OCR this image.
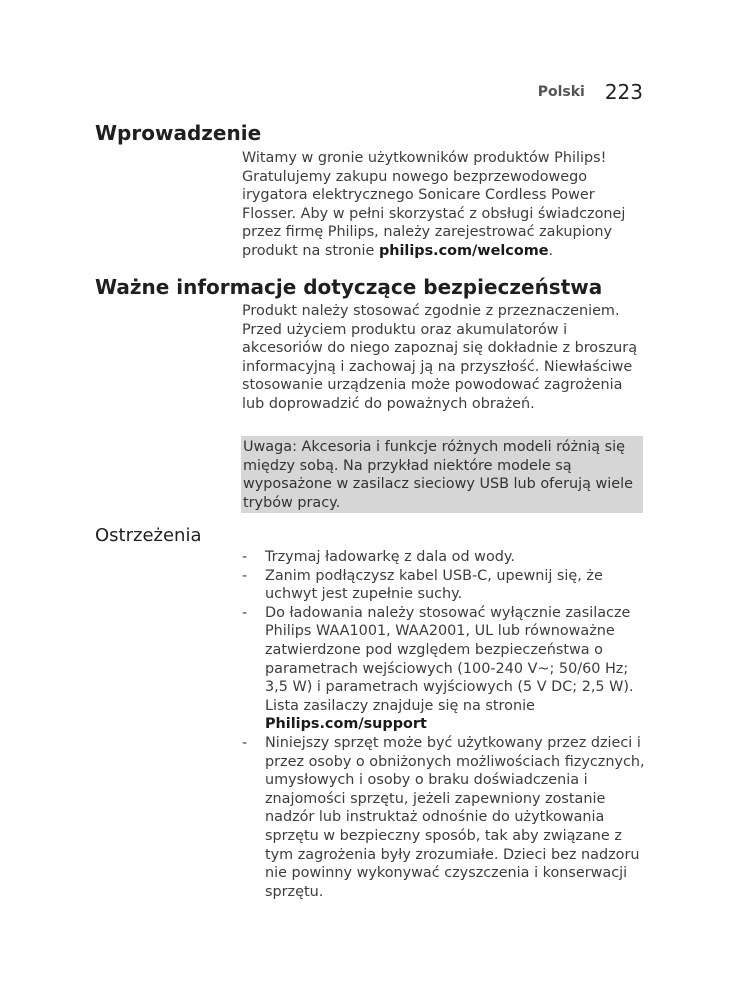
Polski 223
Wprowadzenie

Witamy w gronie użytkowników produktów Philips! Gratulujemy zakupu nowego bezprzewodowego irygatora elektrycznego Sonicare Cordless Power Flosser. Aby w pełni skorzystać z obsługi świadczonej przez firmę Philips, należy zarejestrować zakupiony produkt na stronie philips.com/welcome.

Ważne informacje dotyczące bezpieczeństwa

Produkt należy stosować zgodnie z przeznaczeniem. Przed użyciem produktu oraz akumulatorów i akcesoriów do niego zapoznaj się dokładnie z broszurą informacyjną i zachowaj ją na przyszłość. Niewłaściwe stosowanie urządzenia może powodować zagrożenia lub doprowadzić do poważnych obrażeń.

Uwaga: Akcesoria i funkcje różnych modeli różnią się między sobą. Na przykład niektóre modele są wyposażone w zasilacz sieciowy USB lub oferują wiele trybów pracy.
Ostrzeżenia
- Trzymaj ładowarkę z dala od wody.
- Zanim podłączysz kabel USB-C, upewnij się, że uchwyt jest zupełnie suchy.
- Do ładowania należy stosować wyłącznie zasilacze Philips WAA1001, WAA2001, UL lub równoważne zatwierdzone pod względem bezpieczeństwa o parametrach wejściowych (100-240 V~; 50/60 Hz; 3,5 W) i parametrach wyjściowych (5 V DC; 2,5 W). Lista zasilaczy znajduje się na stronie Philips.com/support
- Niniejszy sprzęt może być użytkowany przez dzieci i przez osoby o obniżonych możliwościach fizycznych, umysłowych i osoby o braku doświadczenia i znajomości sprzętu, jeżeli zapewniony zostanie nadzór lub instruktaż odnośnie do użytkowania sprzętu w bezpieczny sposób, tak aby związane z tym zagrożenia były zrozumiałe. Dzieci bez nadzoru nie powinny wykonywać czyszczenia i konserwacji sprzętu.
